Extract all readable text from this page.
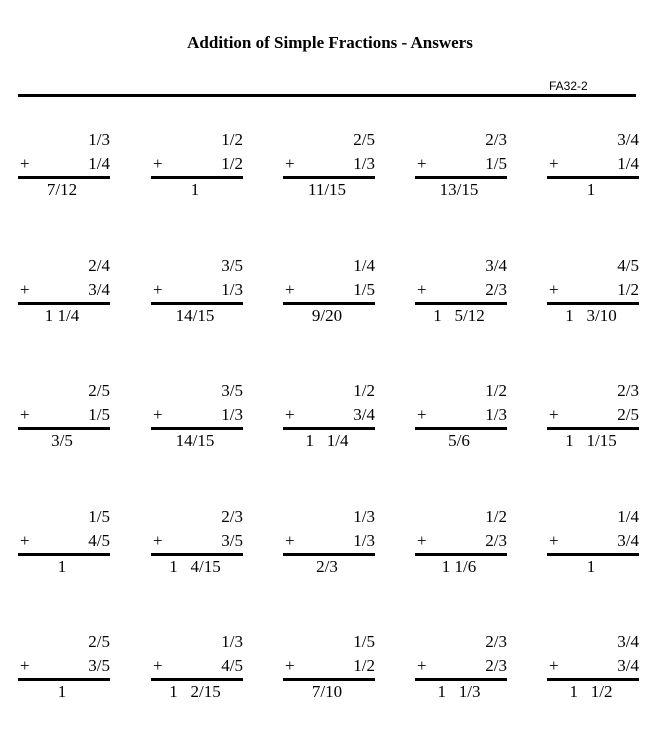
Addition of Simple Fractions - Answers
FA32-2
1/3
+	1/4
7/12
1/2
+	1/2
1
2/5
+	1/3
11/15
2/3
+	1/5
13/15
3/4
+	1/4
1
2/4
+	3/4
1 1/4
3/5
+	1/3
14/15
1/4
+	1/5
9/20
3/4
+	2/3
1   5/12
4/5
+	1/2
1   3/10
2/5
+	1/5
3/5
3/5
+	1/3
14/15
1/2
+	3/4
1   1/4
1/2
+	1/3
5/6
2/3
+	2/5
1   1/15
1/5
+	4/5
1
2/3
+	3/5
1   4/15
1/3
+	1/3
2/3
1/2
+	2/3
1 1/6
1/4
+	3/4
1
2/5
+	3/5
1
1/3
+	4/5
1   2/15
1/5
+	1/2
7/10
2/3
+	2/3
1   1/3
3/4
+	3/4
1   1/2
